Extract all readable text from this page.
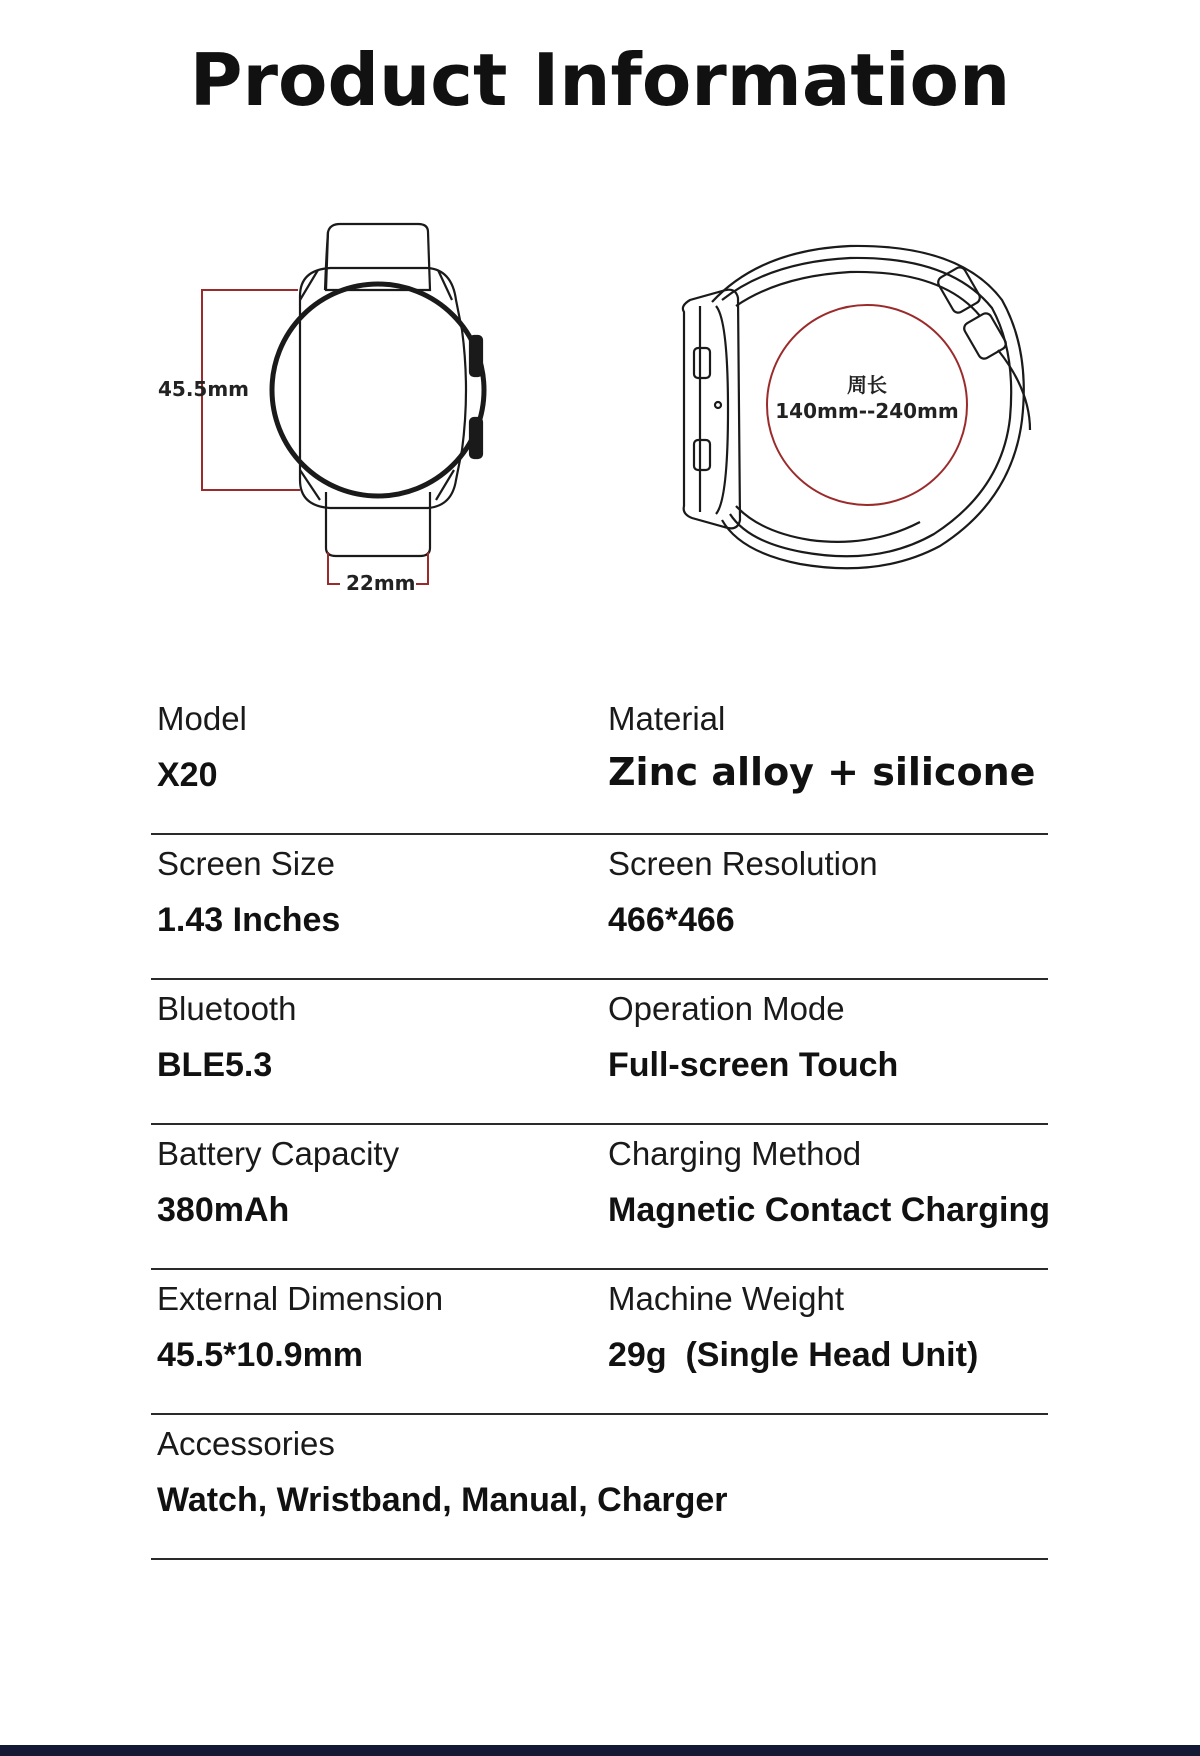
Product Information
45.5mm
22mm
周长
140mm--240mm
Model
X20
Material
Zinc alloy + silicone
Screen Size
1.43 Inches
Screen Resolution
466*466
Bluetooth
BLE5.3
Operation Mode
Full-screen Touch
Battery Capacity
380mAh
Charging Method
Magnetic Contact Charging
External Dimension
45.5*10.9mm
Machine Weight
29g  (Single Head Unit)
Accessories
Watch, Wristband, Manual, Charger
